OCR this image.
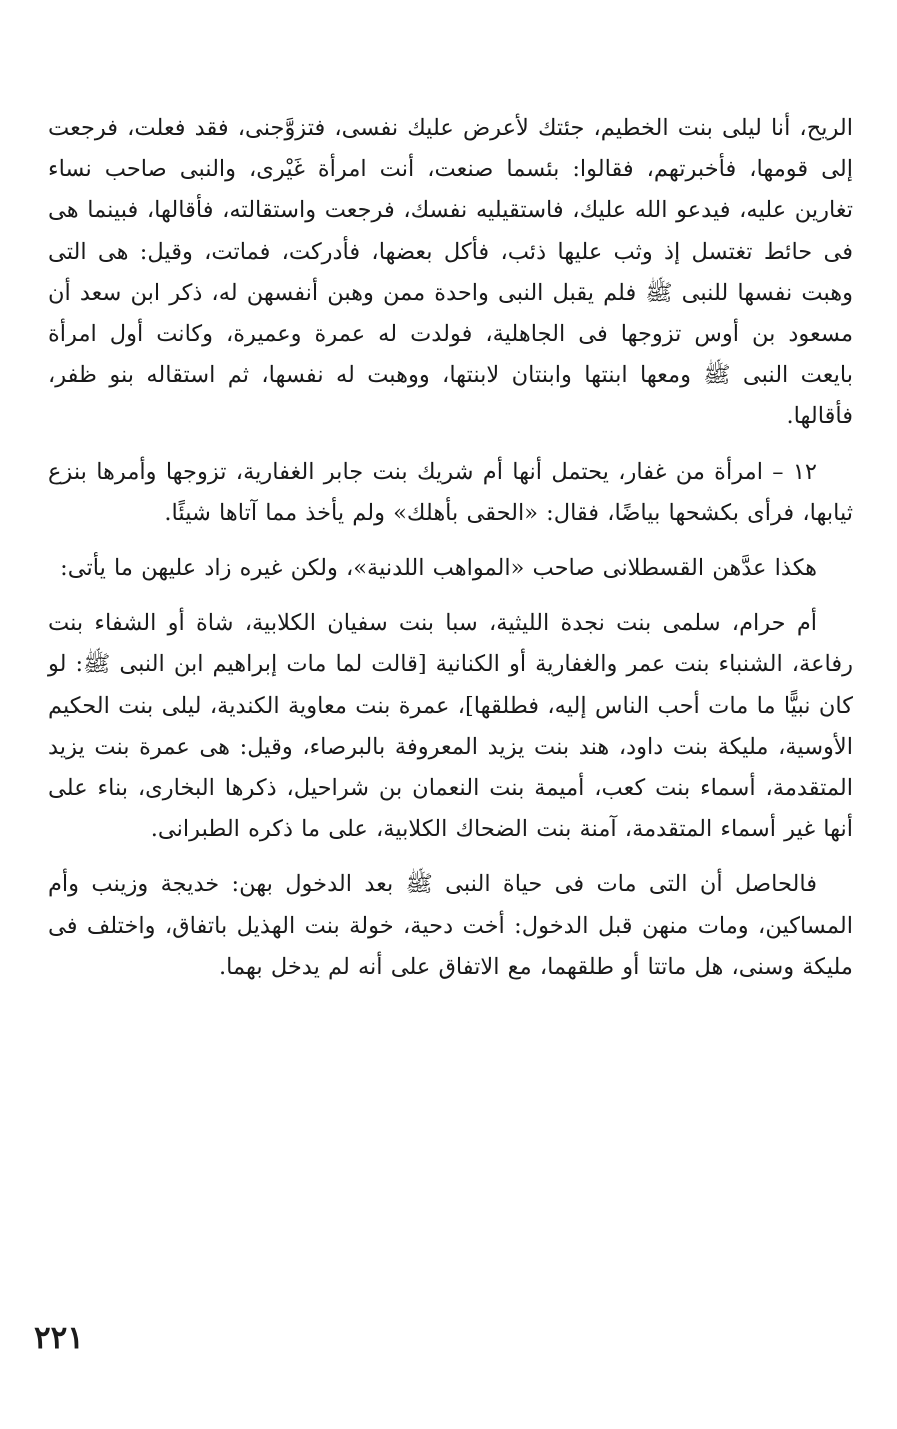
الريح، أنا ليلى بنت الخطيم، جئتك لأعرض عليك نفسى، فتزوَّجنى، فقد فعلت، فرجعت إلى قومها، فأخبرتهم، فقالوا: بئسما صنعت، أنت امرأة غَيْرى، والنبى صاحب نساء تغارين عليه، فيدعو الله عليك، فاستقيليه نفسك، فرجعت واستقالته، فأقالها، فبينما هى فى حائط تغتسل إذ وثب عليها ذئب، فأكل بعضها، فأدركت، فماتت، وقيل: هى التى وهبت نفسها للنبى ﷺ فلم يقبل النبى واحدة ممن وهبن أنفسهن له، ذكر ابن سعد أن مسعود بن أوس تزوجها فى الجاهلية، فولدت له عمرة وعميرة، وكانت أول امرأة بايعت النبى ﷺ ومعها ابنتها وابنتان لابنتها، ووهبت له نفسها، ثم استقاله بنو ظفر، فأقالها.

١٢ – امرأة من غفار، يحتمل أنها أم شريك بنت جابر الغفارية، تزوجها وأمرها بنزع ثيابها، فرأى بكشحها بياضًا، فقال: «الحقى بأهلك» ولم يأخذ مما آتاها شيئًا.

هكذا عدَّهن القسطلانى صاحب «المواهب اللدنية»، ولكن غيره زاد عليهن ما يأتى:

أم حرام، سلمى بنت نجدة الليثية، سبا بنت سفيان الكلابية، شاة أو الشفاء بنت رفاعة، الشنباء بنت عمر والغفارية أو الكنانية [قالت لما مات إبراهيم ابن النبى ﷺ: لو كان نبيًّا ما مات أحب الناس إليه، فطلقها]، عمرة بنت معاوية الكندية، ليلى بنت الحكيم الأوسية، مليكة بنت داود، هند بنت يزيد المعروفة بالبرصاء، وقيل: هى عمرة بنت يزيد المتقدمة، أسماء بنت كعب، أميمة بنت النعمان بن شراحيل، ذكرها البخارى، بناء على أنها غير أسماء المتقدمة، آمنة بنت الضحاك الكلابية، على ما ذكره الطبرانى.

فالحاصل أن التى مات فى حياة النبى ﷺ بعد الدخول بهن: خديجة وزينب وأم المساكين، ومات منهن قبل الدخول: أخت دحية، خولة بنت الهذيل باتفاق، واختلف فى مليكة وسنى، هل ماتتا أو طلقهما، مع الاتفاق على أنه لم يدخل بهما.

٢٢١
